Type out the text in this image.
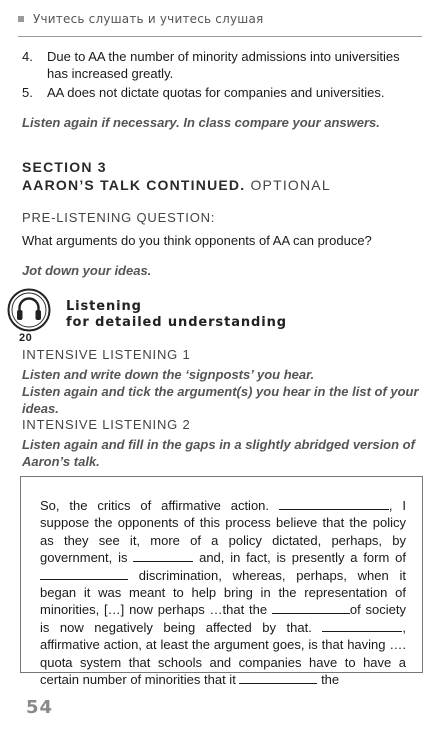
Учитесь слушать и учитесь слушая
4. Due to AA the number of minority admissions into universities has increased greatly.
5. AA does not dictate quotas for companies and universities.
Listen again if necessary. In class compare your answers.
SECTION 3
AARON’S TALK CONTINUED. OPTIONAL
PRE-LISTENING QUESTION:
What arguments do you think opponents of AA can produce?
Jot down your ideas.
20
Listening
for detailed understanding
INTENSIVE LISTENING 1
Listen and write down the ‘signposts’ you hear.
Listen again and tick the argument(s) you hear in the list of your ideas.
INTENSIVE LISTENING 2
Listen again and fill in the gaps in a slightly abridged version of Aaron’s talk.
So, the critics of affirmative action.	, I suppose the opponents of this process believe that the policy as they see it, more of a policy dictated, perhaps, by government, is	and, in fact, is presently a form of  discrimination, whereas, perhaps, when it began it was meant to help bring in the representation of minorities, […] now perhaps …that the	of society is now negatively being affected by that.	, affirmative action, at least the argument goes, is that having …. quota system that schools and companies have to have a certain number of minorities that it	the
54
